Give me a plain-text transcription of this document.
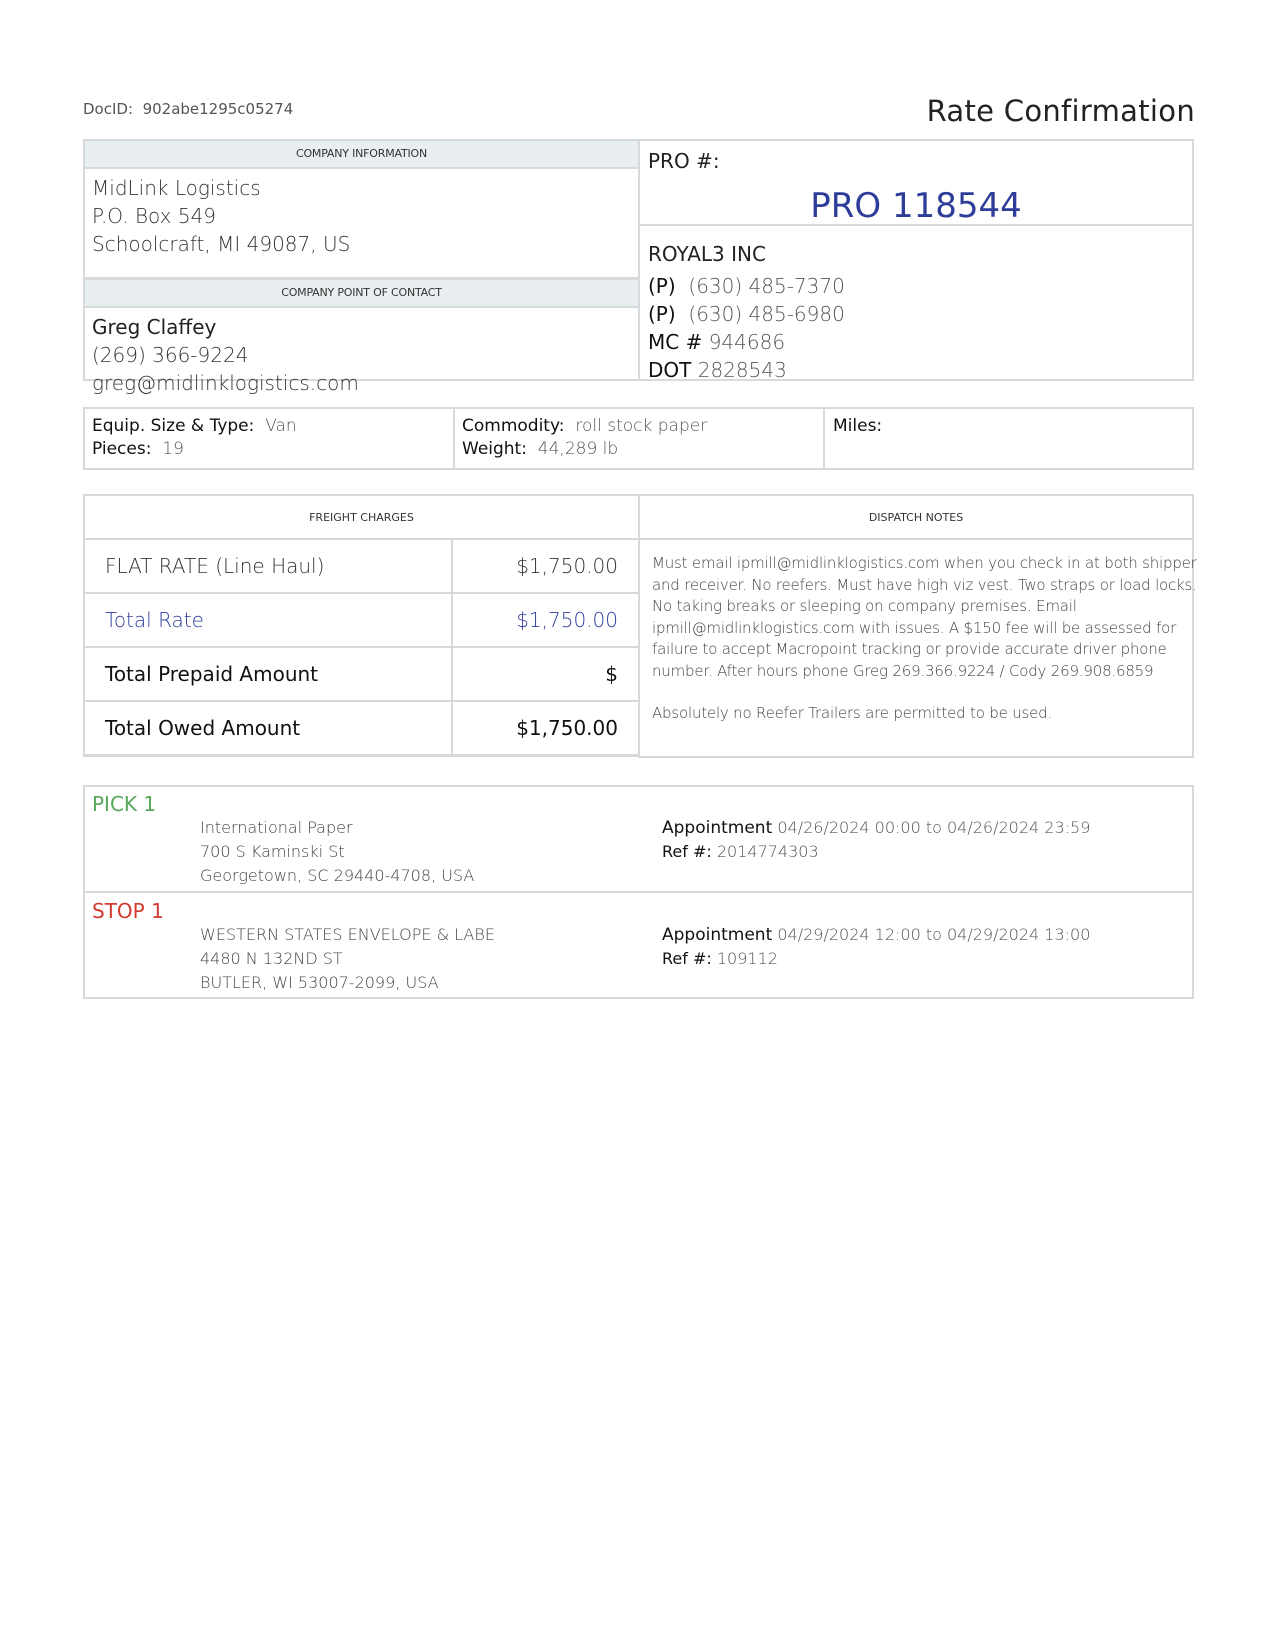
DocID: 902abe1295c05274	Rate Confirmation
COMPANY INFORMATION
MidLink Logistics
P.O. Box 549
Schoolcraft, MI 49087, US
COMPANY POINT OF CONTACT
Greg Claffey
(269) 366-9224
greg@midlinklogistics.com
PRO #:
PRO 118544
ROYAL3 INC
(P) (630) 485-7370
(P) (630) 485-6980
MC # 944686
DOT 2828543
Equip. Size & Type: Van
Pieces: 19
Commodity: roll stock paper
Weight: 44,289 lb
Miles:
FREIGHT CHARGES
FLAT RATE (Line Haul)	$1,750.00
Total Rate	$1,750.00
Total Prepaid Amount	$
Total Owed Amount	$1,750.00
DISPATCH NOTES
Must email ipmill@midlinklogistics.com when you check in at both shipper
and receiver. No reefers. Must have high viz vest. Two straps or load locks.
No taking breaks or sleeping on company premises. Email
ipmill@midlinklogistics.com with issues. A $150 fee will be assessed for
failure to accept Macropoint tracking or provide accurate driver phone
number. After hours phone Greg 269.366.9224 / Cody 269.908.6859
Absolutely no Reefer Trailers are permitted to be used.
PICK 1
International Paper
700 S Kaminski St
Georgetown, SC 29440-4708, USA
Appointment 04/26/2024 00:00 to 04/26/2024 23:59
Ref #: 2014774303
STOP 1
WESTERN STATES ENVELOPE & LABE
4480 N 132ND ST
BUTLER, WI 53007-2099, USA
Appointment 04/29/2024 12:00 to 04/29/2024 13:00
Ref #: 109112
